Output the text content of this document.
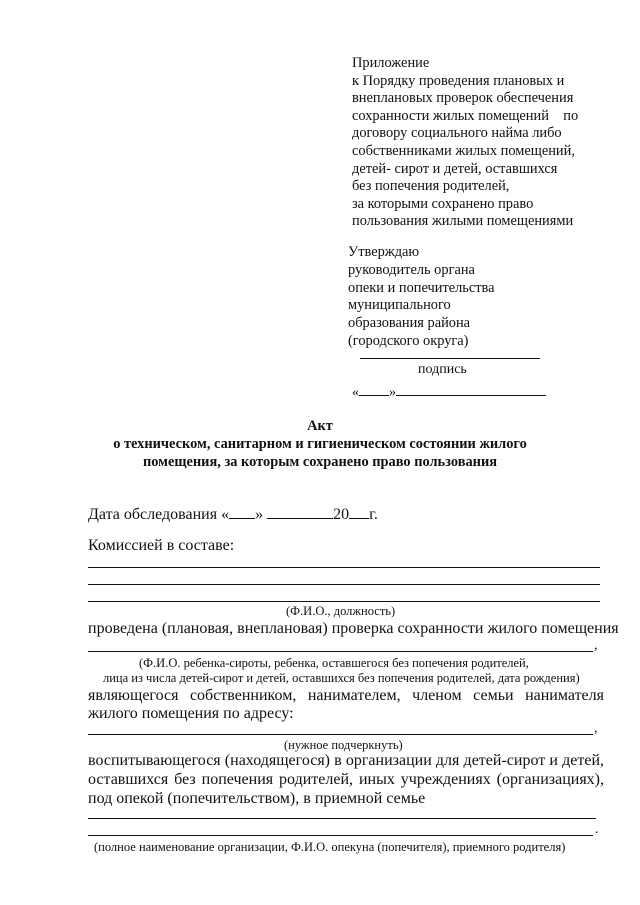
Приложение
к Порядку проведения плановых и
внеплановых проверок обеспечения
сохранности жилых помещений    по
договору социального найма либо
собственниками жилых помещений,
детей- сирот и детей, оставшихся
без попечения родителей,
за которыми сохранено право
пользования жилыми помещениями
Утверждаю
руководитель органа
опеки и попечительства
муниципального
образования района
(городского округа)
подпись
« »
Акт
о техническом, санитарном и гигиеническом состоянии жилого
помещения, за которым сохранено право пользования
Дата обследования « »	20 г.
Комиссией в составе:
(Ф.И.О., должность)
проведена (плановая, внеплановая) проверка сохранности жилого помещения
,
(Ф.И.О. ребенка-сироты, ребенка, оставшегося без попечения родителей,
лица из числа детей-сирот и детей, оставшихся без попечения родителей, дата рождения)
являющегося собственником, нанимателем, членом семьи нанимателя
жилого помещения по адресу:
,
(нужное подчеркнуть)
воспитывающегося (находящегося) в организации для детей-сирот и детей,
оставшихся без попечения родителей, иных учреждениях (организациях),
под опекой (попечительством), в приемной семье
.
(полное наименование организации, Ф.И.О. опекуна (попечителя), приемного родителя)
